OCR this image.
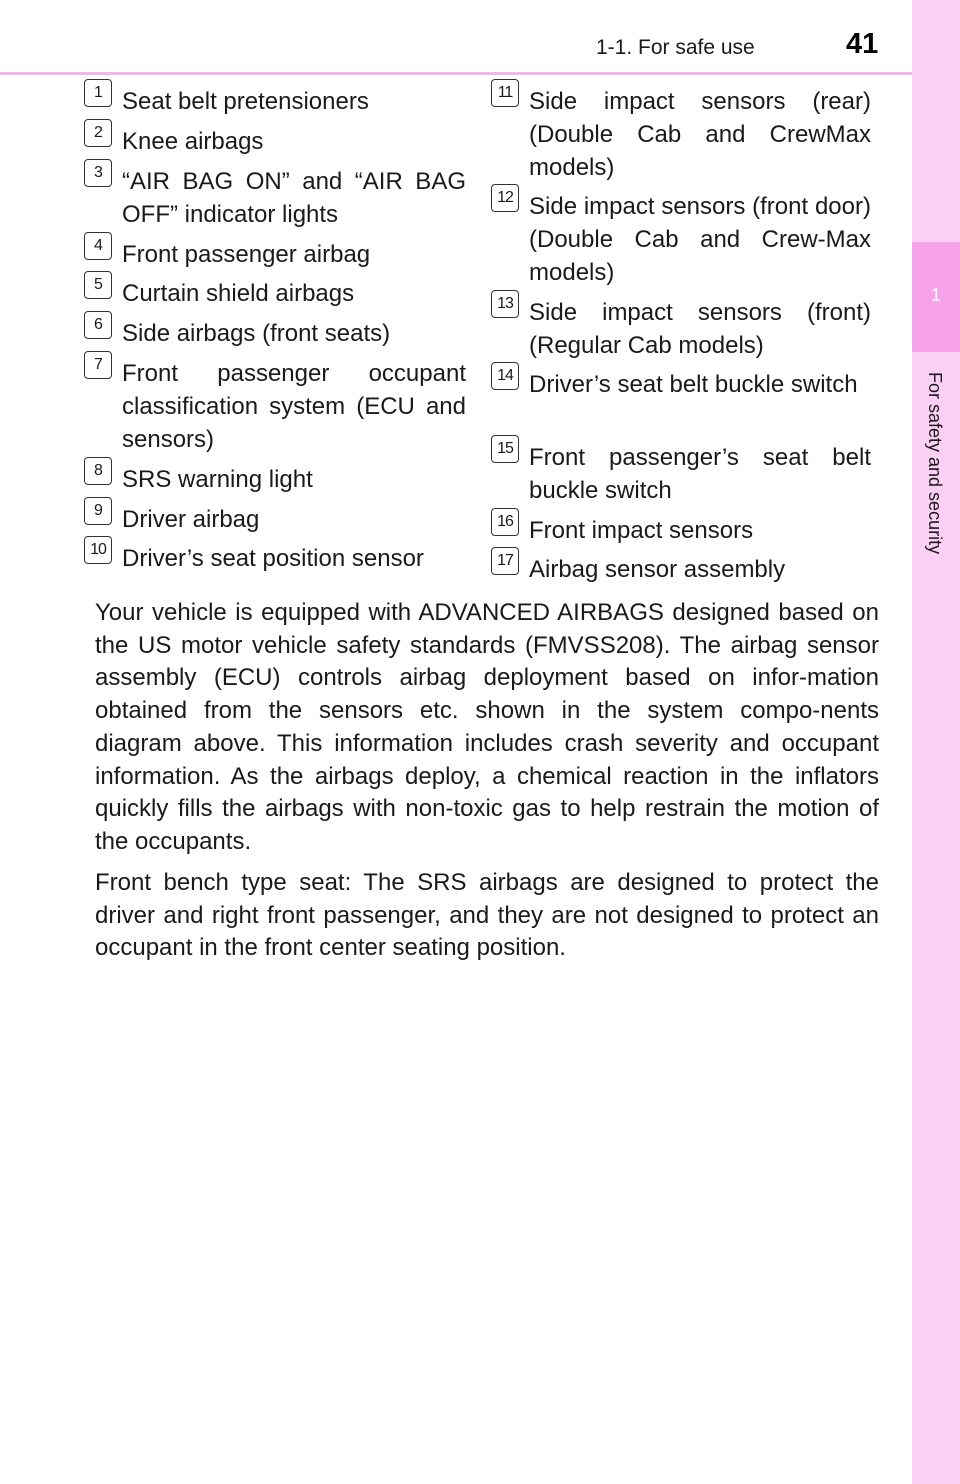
1-1. For safe use	41
1
For safety and security
1 Seat belt pretensioners
2 Knee airbags
3 “AIR BAG ON” and “AIR BAG OFF” indicator lights
4 Front passenger airbag
5 Curtain shield airbags
6 Side airbags (front seats)
7 Front passenger occupant classification system (ECU and sensors)
8 SRS warning light
9 Driver airbag
10 Driver’s seat position sensor
11 Side impact sensors (rear) (Double Cab and CrewMax models)
12 Side impact sensors (front door) (Double Cab and Crew-Max models)
13 Side impact sensors (front) (Regular Cab models)
14 Driver’s seat belt buckle switch
15 Front passenger’s seat belt buckle switch
16 Front impact sensors
17 Airbag sensor assembly

Your vehicle is equipped with ADVANCED AIRBAGS designed based on the US motor vehicle safety standards (FMVSS208). The airbag sensor assembly (ECU) controls airbag deployment based on infor-mation obtained from the sensors etc. shown in the system compo-nents diagram above. This information includes crash severity and occupant information. As the airbags deploy, a chemical reaction in the inflators quickly fills the airbags with non-toxic gas to help restrain the motion of the occupants.

Front bench type seat: The SRS airbags are designed to protect the driver and right front passenger, and they are not designed to protect an occupant in the front center seating position.

carmanualsonline.info
